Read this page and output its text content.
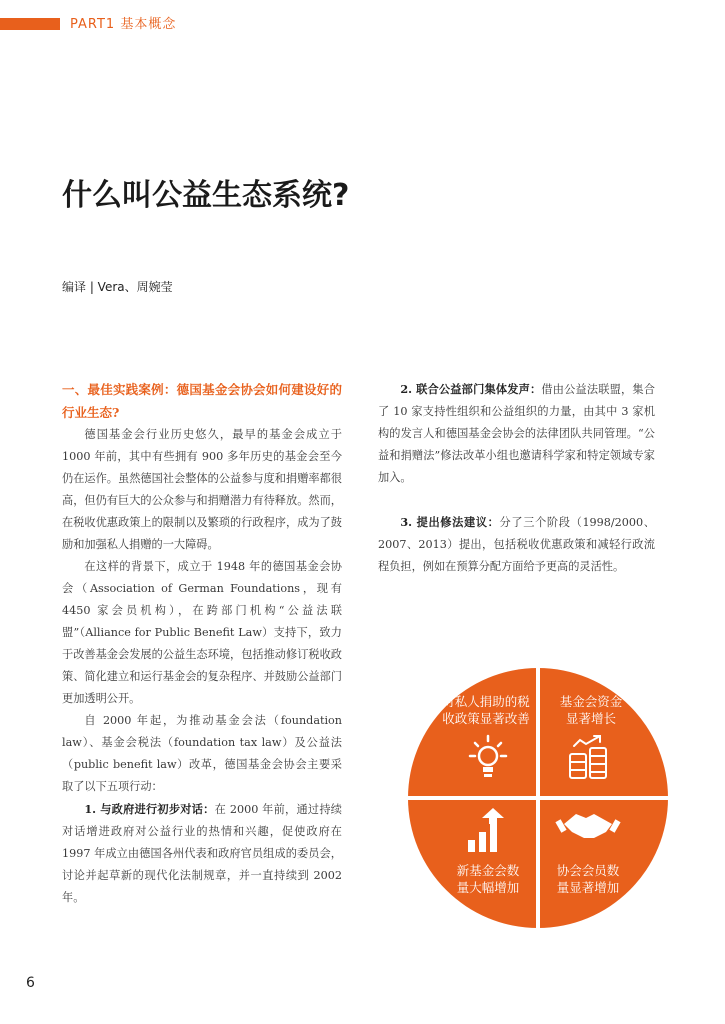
PART1 基本概念
什么叫公益生态系统?
编译 | Vera、周婉莹

一、最佳实践案例：德国基金会协会如何建设好的行业生态?

德国基金会行业历史悠久，最早的基金会成立于 1000 年前，其中有些拥有 900 多年历史的基金会至今仍在运作。虽然德国社会整体的公益参与度和捐赠率都很高，但仍有巨大的公众参与和捐赠潜力有待释放。然而，在税收优惠政策上的限制以及繁琐的行政程序，成为了鼓励和加强私人捐赠的一大障碍。

在这样的背景下，成立于 1948 年的德国基金会协会（Association of German Foundations，现有 4450 家会员机构），在跨部门机构“公益法联盟”（Alliance for Public Benefit Law）支持下，致力于改善基金会发展的公益生态环境，包括推动修订税收政策、简化建立和运行基金会的复杂程序、并鼓励公益部门更加透明公开。

自 2000 年起，为推动基金会法（foundation law）、基金会税法（foundation tax law）及公益法（public benefit law）改革，德国基金会协会主要采取了以下五项行动：

1. 与政府进行初步对话：在 2000 年前，通过持续对话增进政府对公益行业的热情和兴趣，促使政府在 1997 年成立由德国各州代表和政府官员组成的委员会，讨论并起草新的现代化法制规章，并一直持续到 2002 年。

2. 联合公益部门集体发声：借由公益法联盟，集合了 10 家支持性组织和公益组织的力量，由其中 3 家机构的发言人和德国基金会协会的法律团队共同管理。“公益和捐赠法”修法改革小组也邀请科学家和特定领域专家加入。

3. 提出修法建议：分了三个阶段（1998/2000、2007、2013）提出，包括税收优惠政策和减轻行政流程负担，例如在预算分配方面给予更高的灵活性。

对私人捐助的税
收政策显著改善
基金会资金
显著增长
新基金会数
量大幅增加
协会会员数
量显著增加
6
